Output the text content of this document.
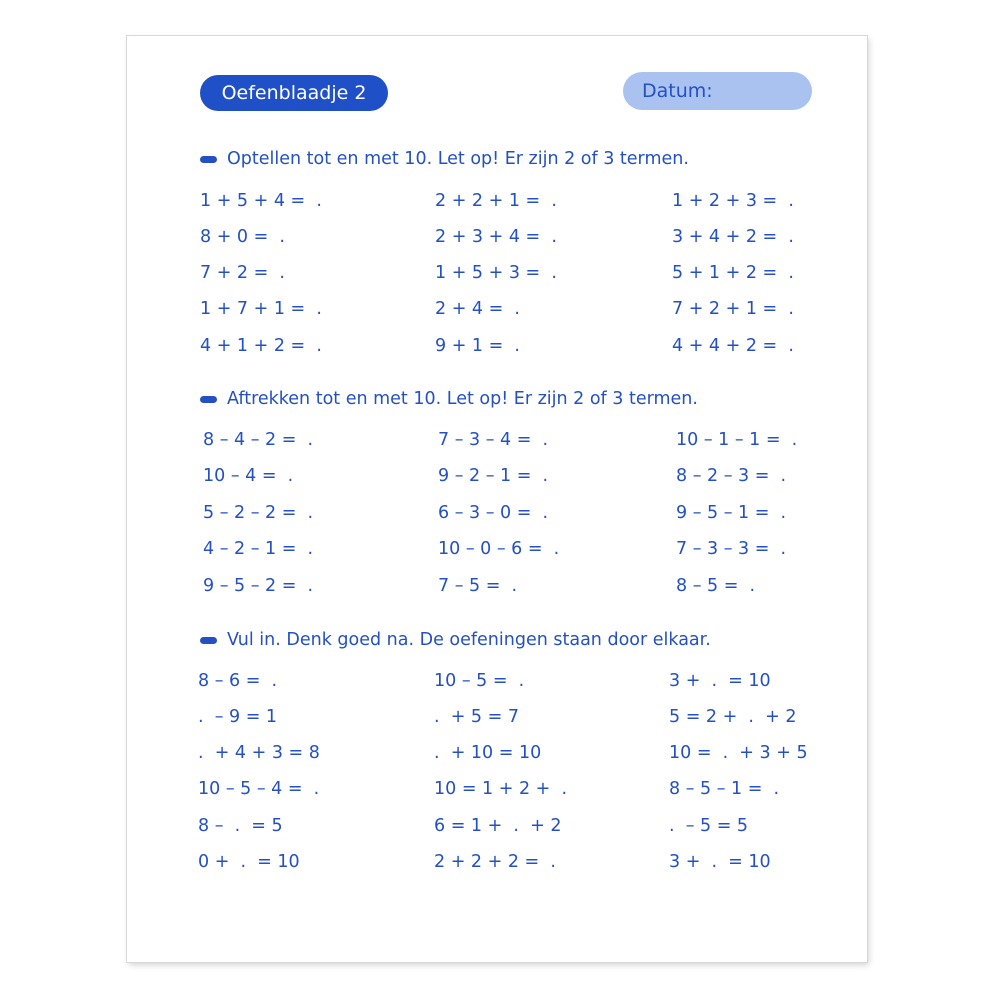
Oefenblaadje 2	Datum:
Optellen tot en met 10. Let op! Er zijn 2 of 3 termen.
1 + 5 + 4 =  .	2 + 2 + 1 =  .	1 + 2 + 3 =  .
8 + 0 =  .	2 + 3 + 4 =  .	3 + 4 + 2 =  .
7 + 2 =  .	1 + 5 + 3 =  .	5 + 1 + 2 =  .
1 + 7 + 1 =  .	2 + 4 =  .	7 + 2 + 1 =  .
4 + 1 + 2 =  .	9 + 1 =  .	4 + 4 + 2 =  .
Aftrekken tot en met 10. Let op! Er zijn 2 of 3 termen.
8 – 4 – 2 =  .	7 – 3 – 4 =  .	10 – 1 – 1 =  .
10 – 4 =  .	9 – 2 – 1 =  .	8 – 2 – 3 =  .
5 – 2 – 2 =  .	6 – 3 – 0 =  .	9 – 5 – 1 =  .
4 – 2 – 1 =  .	10 – 0 – 6 =  .	7 – 3 – 3 =  .
9 – 5 – 2 =  .	7 – 5 =  .	8 – 5 =  .
Vul in. Denk goed na. De oefeningen staan door elkaar.
8 – 6 =  .	10 – 5 =  .	3 +  .  = 10
.  – 9 = 1	.  + 5 = 7	5 = 2 +  .  + 2
.  + 4 + 3 = 8	.  + 10 = 10	10 =  .  + 3 + 5
10 – 5 – 4 =  .	10 = 1 + 2 +  .	8 – 5 – 1 =  .
8 –  .  = 5	6 = 1 +  .  + 2	.  – 5 = 5
0 +  .  = 10	2 + 2 + 2 =  .	3 +  .  = 10
